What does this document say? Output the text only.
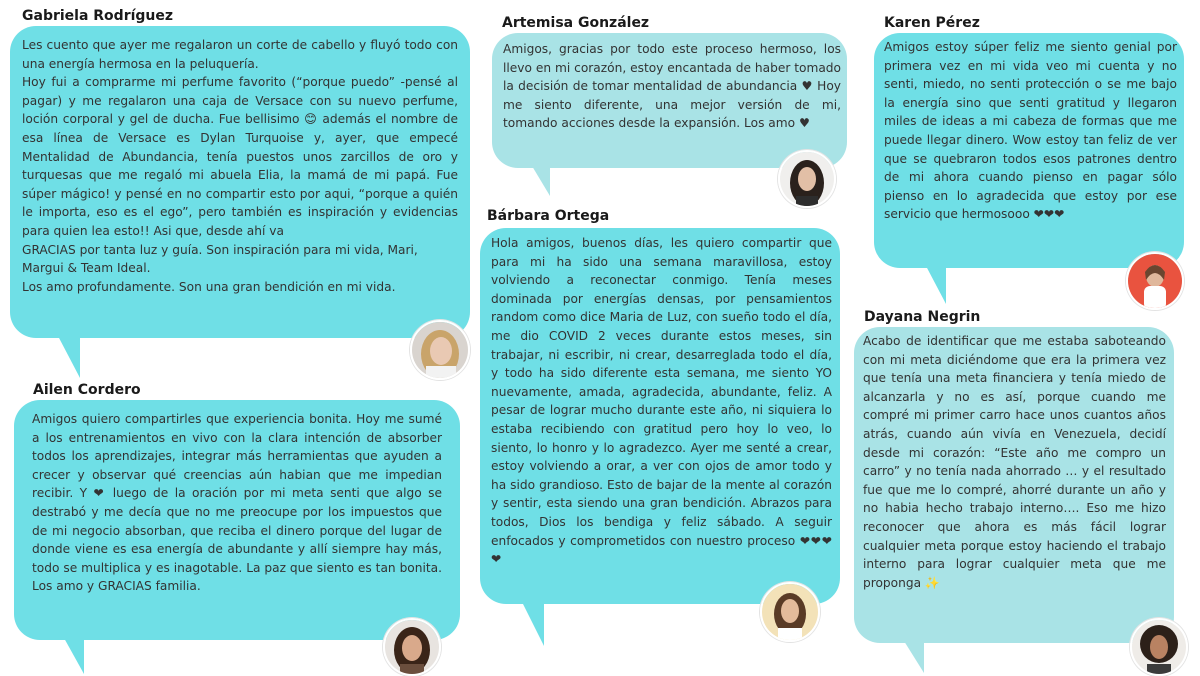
Gabriela Rodríguez

Les cuento que ayer me regalaron un corte de cabello y fluyó todo con una energía hermosa en la peluquería.

Hoy fui a comprarme mi perfume favorito (“porque puedo” -pensé al pagar) y me regalaron una caja de Versace con su nuevo perfume, loción corporal y gel de ducha. Fue bellisimo 😊 además el nombre de esa línea de Versace es Dylan Turquoise y, ayer, que empecé Mentalidad de Abundancia, tenía puestos unos zarcillos de oro y turquesas que me regaló mi abuela Elia, la mamá de mi papá. Fue súper mágico! y pensé en no compartir esto por aqui, “porque a quién le importa, eso es el ego”, pero también es inspiración y evidencias para quien lea esto!! Asi que, desde ahí va

GRACIAS por tanta luz y guía. Son inspiración para mi vida, Mari, Margui & Team Ideal.

Los amo profundamente. Son una gran bendición en mi vida.

Ailen Cordero

Amigos quiero compartirles que experiencia bonita. Hoy me sumé a los entrenamientos en vivo con la clara intención de absorber todos los aprendizajes, integrar más herramientas que ayuden a crecer y observar qué creencias aún habian que me impedian recibir. Y ❤ luego de la oración por mi meta senti que algo se destrabó y me decía que no me preocupe por los impuestos que de mi negocio absorban, que reciba el dinero porque del lugar de donde viene es esa energía de abundante y allí siempre hay más, todo se multiplica y es inagotable. La paz que siento es tan bonita. Los amo y GRACIAS familia.

Artemisa González

Amigos, gracias por todo este proceso hermoso, los llevo en mi corazón, estoy encantada de haber tomado la decisión de tomar mentalidad de abundancia ♥ Hoy me siento diferente, una mejor versión de mi, tomando acciones desde la expansión. Los amo ♥

Bárbara Ortega

Hola amigos, buenos días, les quiero compartir que para mi ha sido una semana maravillosa, estoy volviendo a reconectar conmigo. Tenía meses dominada por energías densas, por pensamientos random como dice Maria de Luz, con sueño todo el día, me dio COVID 2 veces durante estos meses, sin trabajar, ni escribir, ni crear, desarreglada todo el día, y todo ha sido diferente esta semana, me siento YO nuevamente, amada, agradecida, abundante, feliz. A pesar de lograr mucho durante este año, ni siquiera lo estaba recibiendo con gratitud pero hoy lo veo, lo siento, lo honro y lo agradezco. Ayer me senté a crear, estoy volviendo a orar, a ver con ojos de amor todo y ha sido grandioso. Esto de bajar de la mente al corazón y sentir, esta siendo una gran bendición. Abrazos para todos, Dios los bendiga y feliz sábado. A seguir enfocados y comprometidos con nuestro proceso ❤❤❤❤

Karen Pérez

Amigos estoy súper feliz me siento genial por primera vez en mi vida veo mi cuenta y no senti, miedo, no senti protección o se me bajo la energía sino que senti gratitud y llegaron miles de ideas a mi cabeza de formas que me puede llegar dinero. Wow estoy tan feliz de ver que se quebraron todos esos patrones dentro de mi ahora cuando pienso en pagar sólo pienso en lo agradecida que estoy por ese servicio que hermosooo ❤❤❤

Dayana Negrin

Acabo de identificar que me estaba saboteando con mi meta diciéndome que era la primera vez que tenía una meta financiera y tenía miedo de alcanzarla y no es así, porque cuando me compré mi primer carro hace unos cuantos años atrás, cuando aún vivía en Venezuela, decidí desde mi corazón: “Este año me compro un carro” y no tenía nada ahorrado … y el resultado fue que me lo compré, ahorré durante un año y no habia hecho trabajo interno…. Eso me hizo reconocer que ahora es más fácil lograr cualquier meta porque estoy haciendo el trabajo interno para lograr cualquier meta que me proponga ✨
